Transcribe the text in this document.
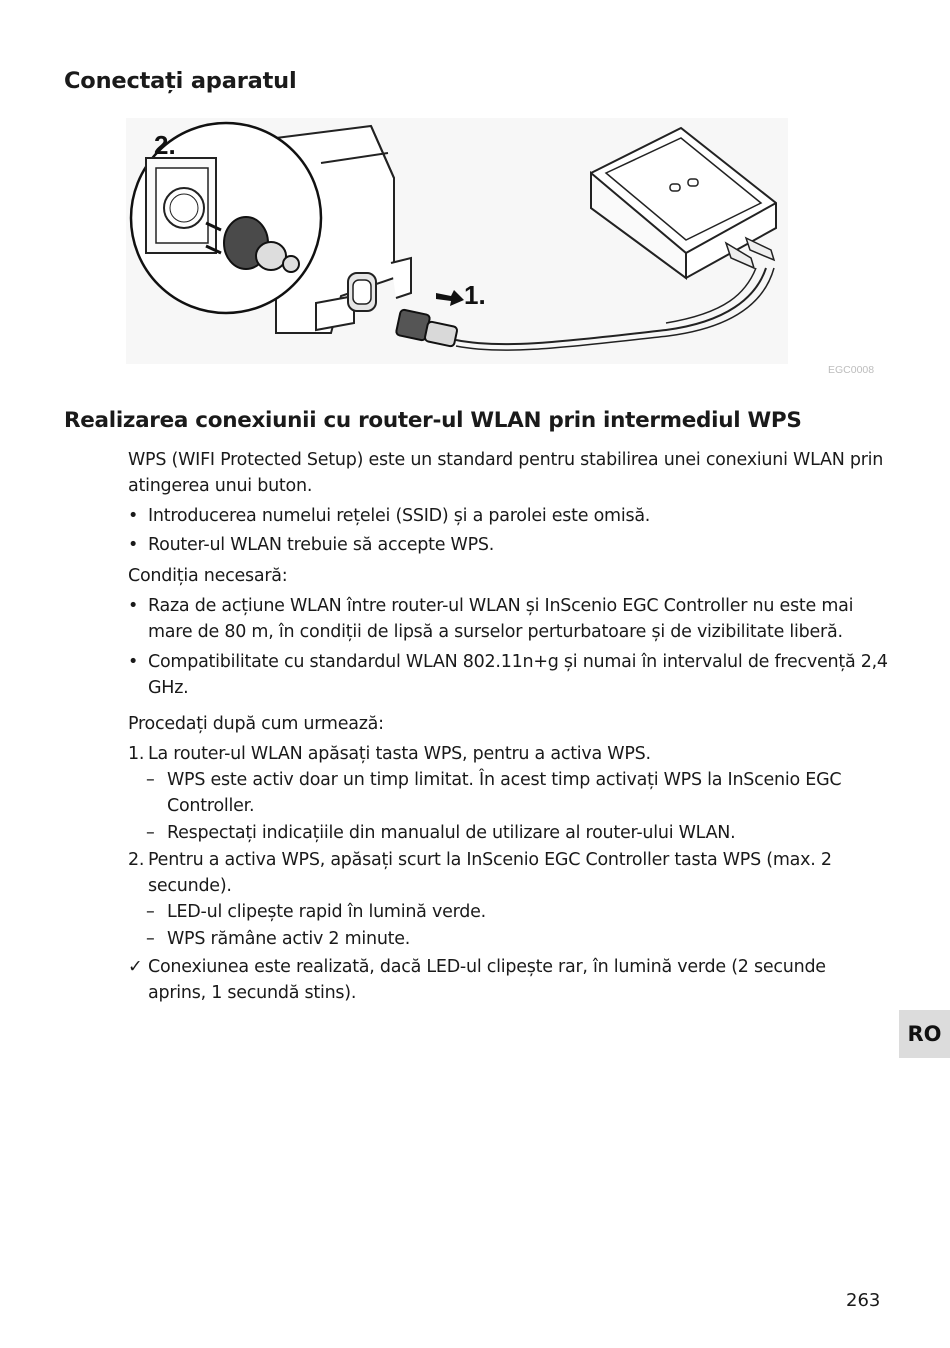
Conectați aparatul
1.
2.
EGC0008
Realizarea conexiunii cu router-ul WLAN prin intermediul WPS

WPS (WIFI Protected Setup) este un standard pentru stabilirea unei conexiuni WLAN prin atingerea unui buton.

• Introducerea numelui rețelei (SSID) și a parolei este omisă.
• Router-ul WLAN trebuie să accepte WPS.

Condiția necesară:

• Raza de acțiune WLAN între router-ul WLAN și InScenio EGC Controller nu este mai mare de 80 m, în condiții de lipsă a surselor perturbatoare și de vizibilitate liberă.
• Compatibilitate cu standardul WLAN 802.11n+g și numai în intervalul de frecvență 2,4 GHz.

Procedați după cum urmează:

1. La router-ul WLAN apăsați tasta WPS, pentru a activa WPS.
– WPS este activ doar un timp limitat. În acest timp activați WPS la InScenio EGC Controller.
– Respectați indicațiile din manualul de utilizare al router-ului WLAN.
2. Pentru a activa WPS, apăsați scurt la InScenio EGC Controller tasta WPS (max. 2 secunde).
– LED-ul clipește rapid în lumină verde.
– WPS rămâne activ 2 minute.
✓ Conexiunea este realizată, dacă LED-ul clipește rar, în lumină verde (2 secunde aprins, 1 secundă stins).
RO
263
